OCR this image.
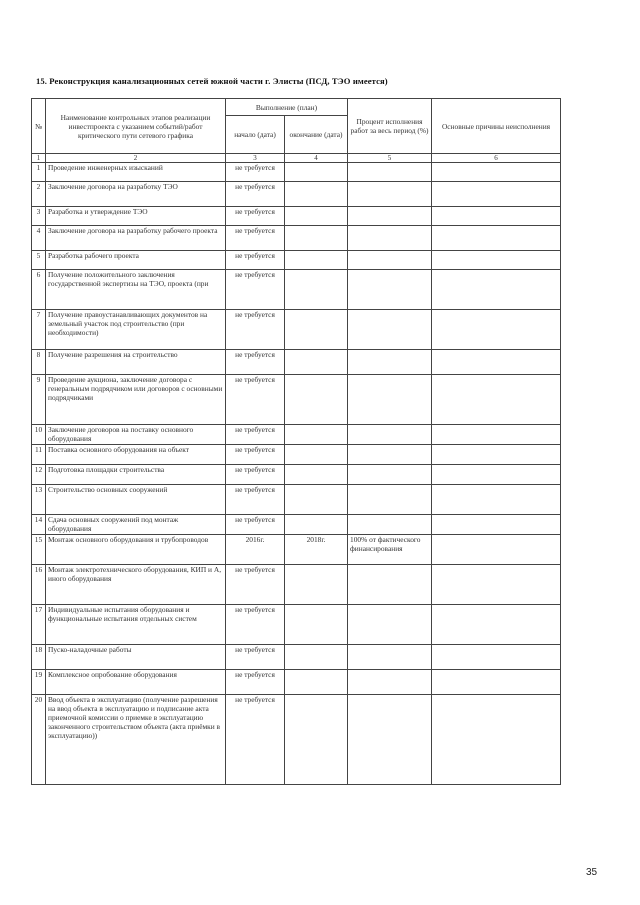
15. Реконструкция канализационных сетей южной части г. Элисты (ПСД, ТЭО имеется)
№	Наименование контрольных этапов реализации инвестпроекта с указанием событий/работ критического пути сетевого графика	Выполнение (план)		Процент исполнения работ за весь период (%)	Основные причины неисполнения
		начало (дата)	окончание (дата)		
1	2	3	4	5	6
1	Проведение инженерных изысканий	не требуется			
2	Заключение договора на разработку ТЭО	не требуется			
3	Разработка и утверждение ТЭО	не требуется			
4	Заключение договора на разработку рабочего проекта	не требуется			
5	Разработка рабочего проекта	не требуется			
6	Получение положительного заключения государственной экспертизы на ТЭО, проекта (при	не требуется			
7	Получение правоустанавливающих документов на земельный участок под строительство (при необходимости)	не требуется			
8	Получение разрешения на строительство	не требуется			
9	Проведение аукциона, заключение договора с генеральным подрядчиком или договоров с основными подрядчиками	не требуется			
10	Заключение договоров на поставку основного оборудования	не требуется			
11	Поставка основного оборудования на объект	не требуется			
12	Подготовка площадки строительства	не требуется			
13	Строительство основных сооружений	не требуется			
14	Сдача основных сооружений под монтаж оборудования	не требуется			
15	Монтаж основного оборудования и трубопроводов	2016г.	2018г.	100% от фактического финансирования	
16	Монтаж электротехнического оборудования, КИП и А, иного оборудования	не требуется			
17	Индивидуальные испытания оборудования и функциональные испытания отдельных систем	не требуется			
18	Пуско-наладочные работы	не требуется			
19	Комплексное опробование оборудования	не требуется			
20	Ввод объекта в эксплуатацию (получение разрешения на ввод объекта в эксплуатацию и подписание акта приемочной комиссии о приемке в эксплуатацию законченного строительством объекта (акта приёмки в эксплуатацию))	не требуется			
35
